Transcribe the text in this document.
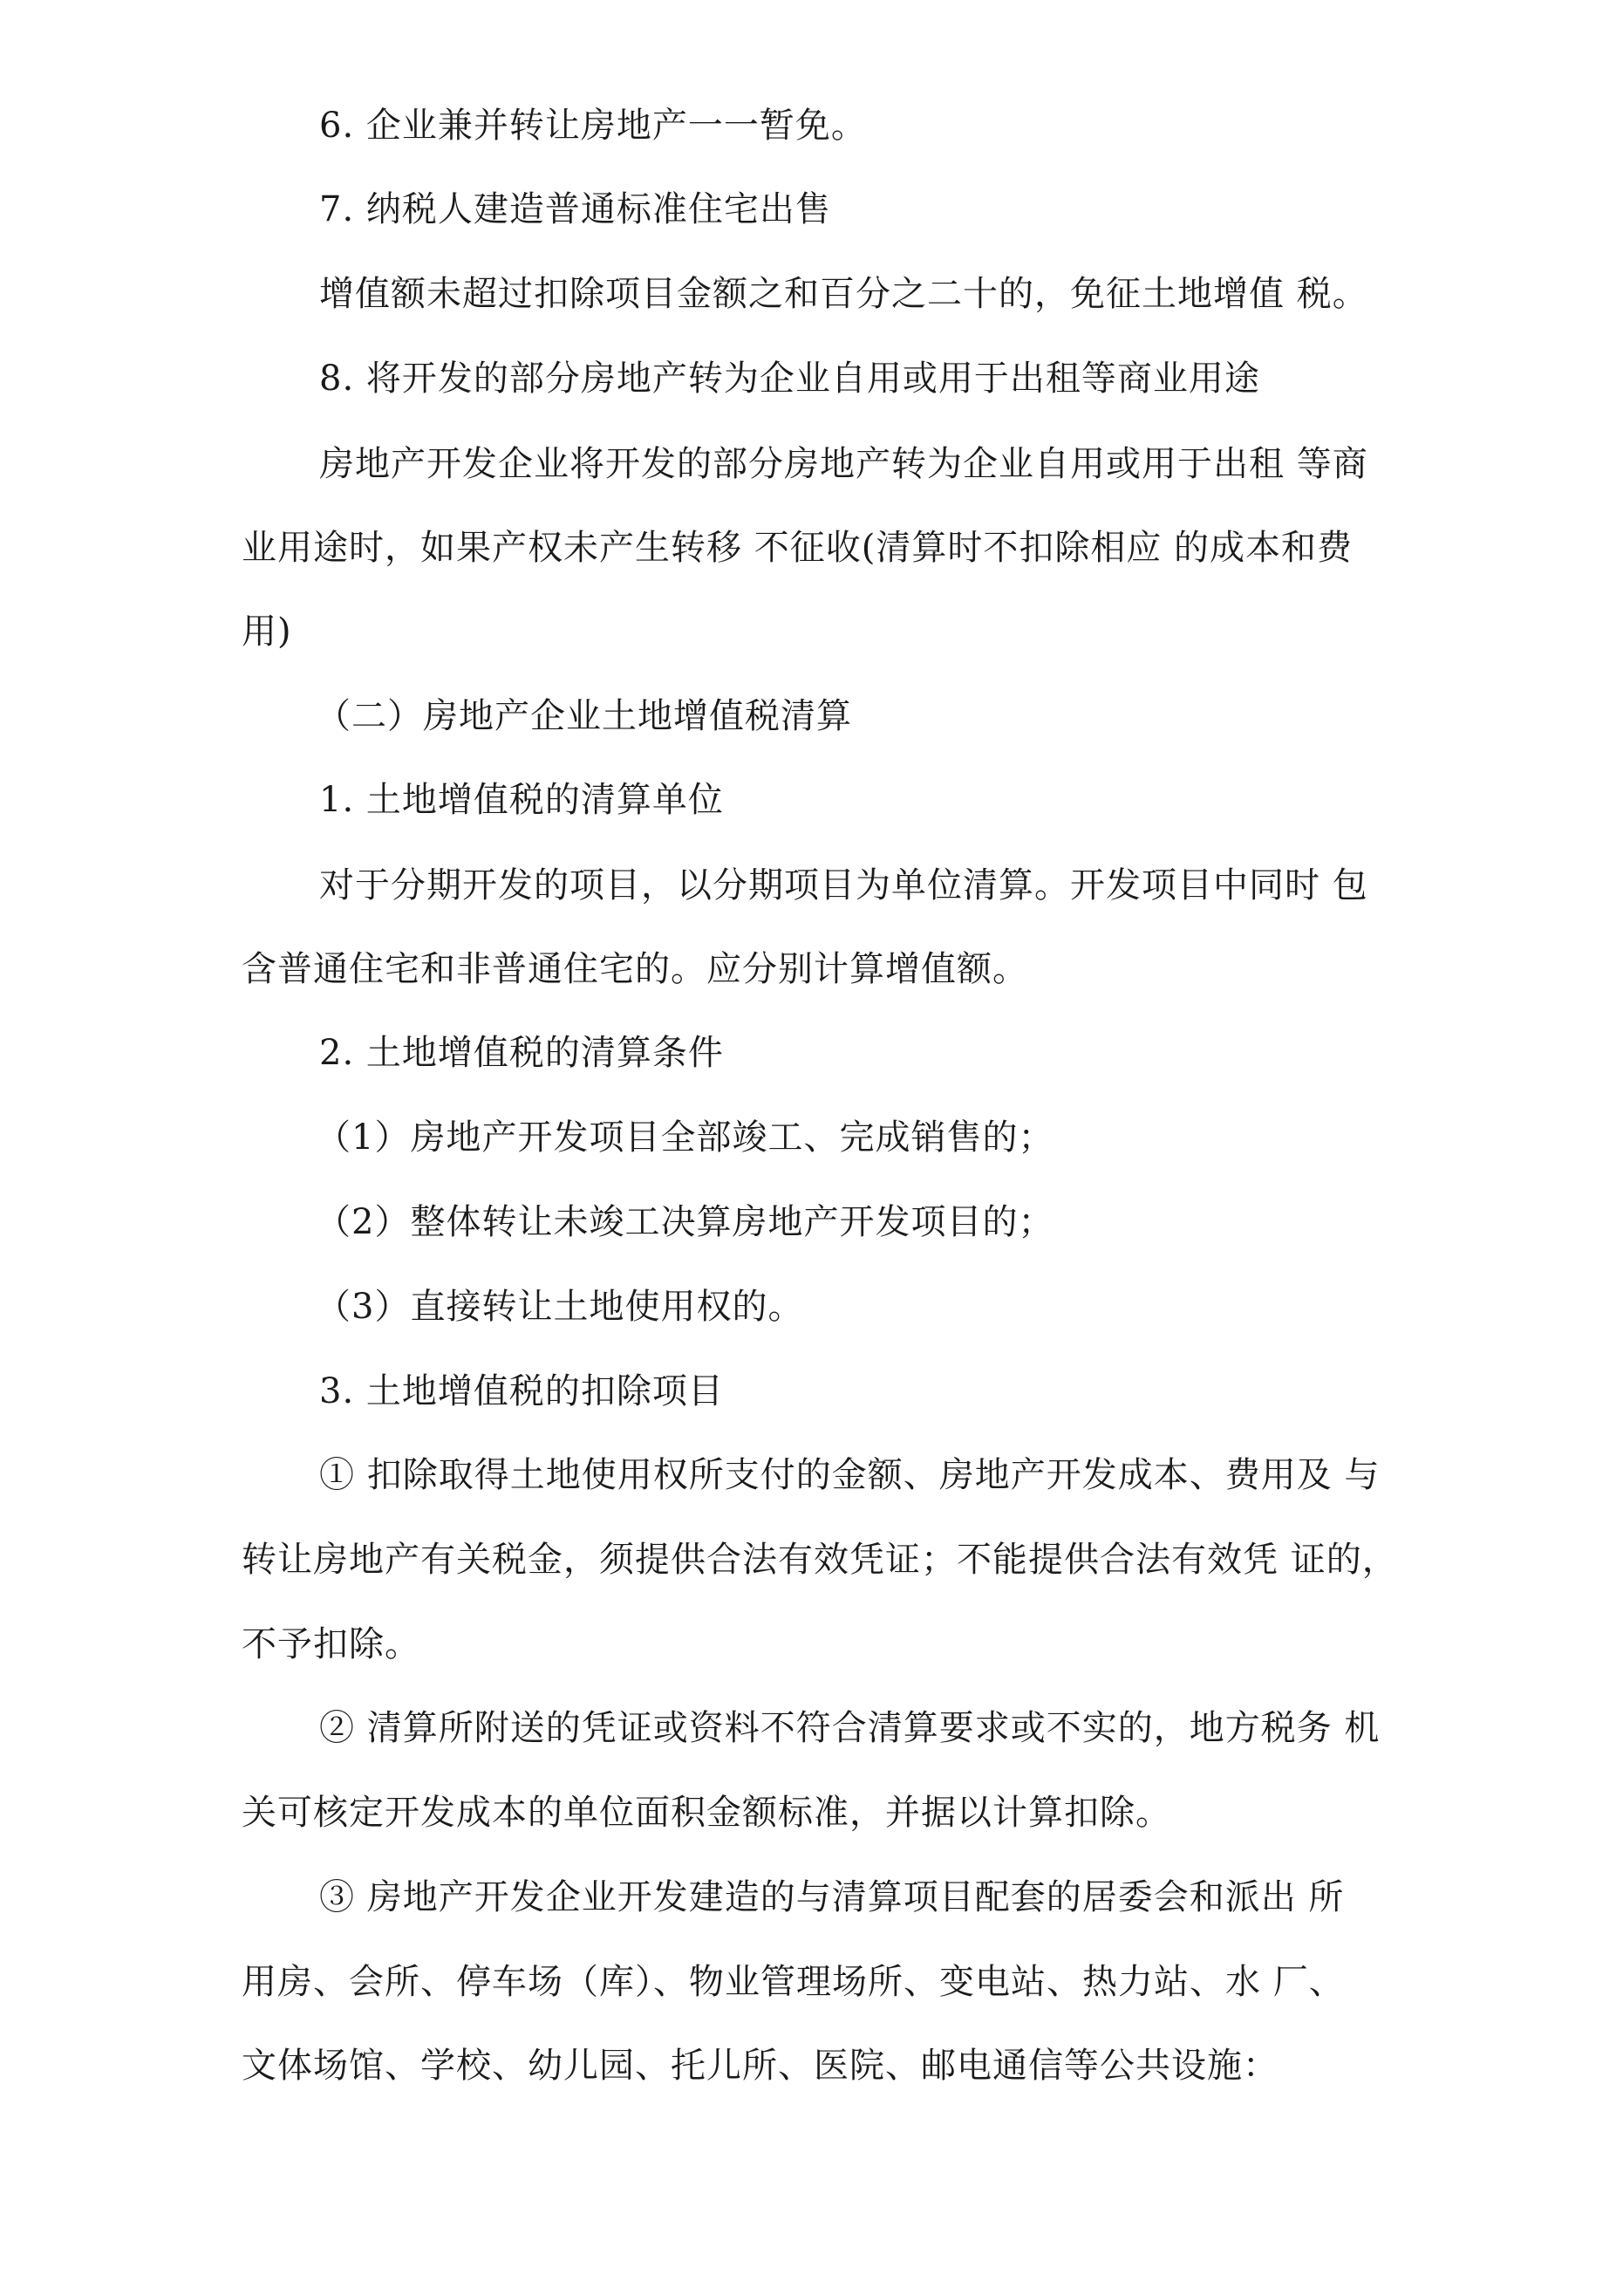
6. 企业兼并转让房地产一一暂免。
7. 纳税人建造普通标准住宅出售
增值额未超过扣除项目金额之和百分之二十的，免征土地增值 税。
8. 将开发的部分房地产转为企业自用或用于出租等商业用途
房地产开发企业将开发的部分房地产转为企业自用或用于出租 等商
业用途时，如果产权未产生转移 不征收(清算时不扣除相应 的成本和费
用)
（二）房地产企业土地增值税清算
1. 土地增值税的清算单位
对于分期开发的项目，以分期项目为单位清算。开发项目中同时 包
含普通住宅和非普通住宅的。应分别计算增值额。
2. 土地增值税的清算条件
（1）房地产开发项目全部竣工、完成销售的；
（2）整体转让未竣工决算房地产开发项目的；
（3）直接转让土地使用权的。
3. 土地增值税的扣除项目
① 扣除取得土地使用权所支付的金额、房地产开发成本、费用及 与
转让房地产有关税金，须提供合法有效凭证；不能提供合法有效凭 证的，
不予扣除。
② 清算所附送的凭证或资料不符合清算要求或不实的，地方税务 机
关可核定开发成本的单位面积金额标准，并据以计算扣除。
③ 房地产开发企业开发建造的与清算项目配套的居委会和派出 所
用房、会所、停车场（库）、物业管理场所、变电站、热力站、水 厂、
文体场馆、学校、幼儿园、托儿所、医院、邮电通信等公共设施：
